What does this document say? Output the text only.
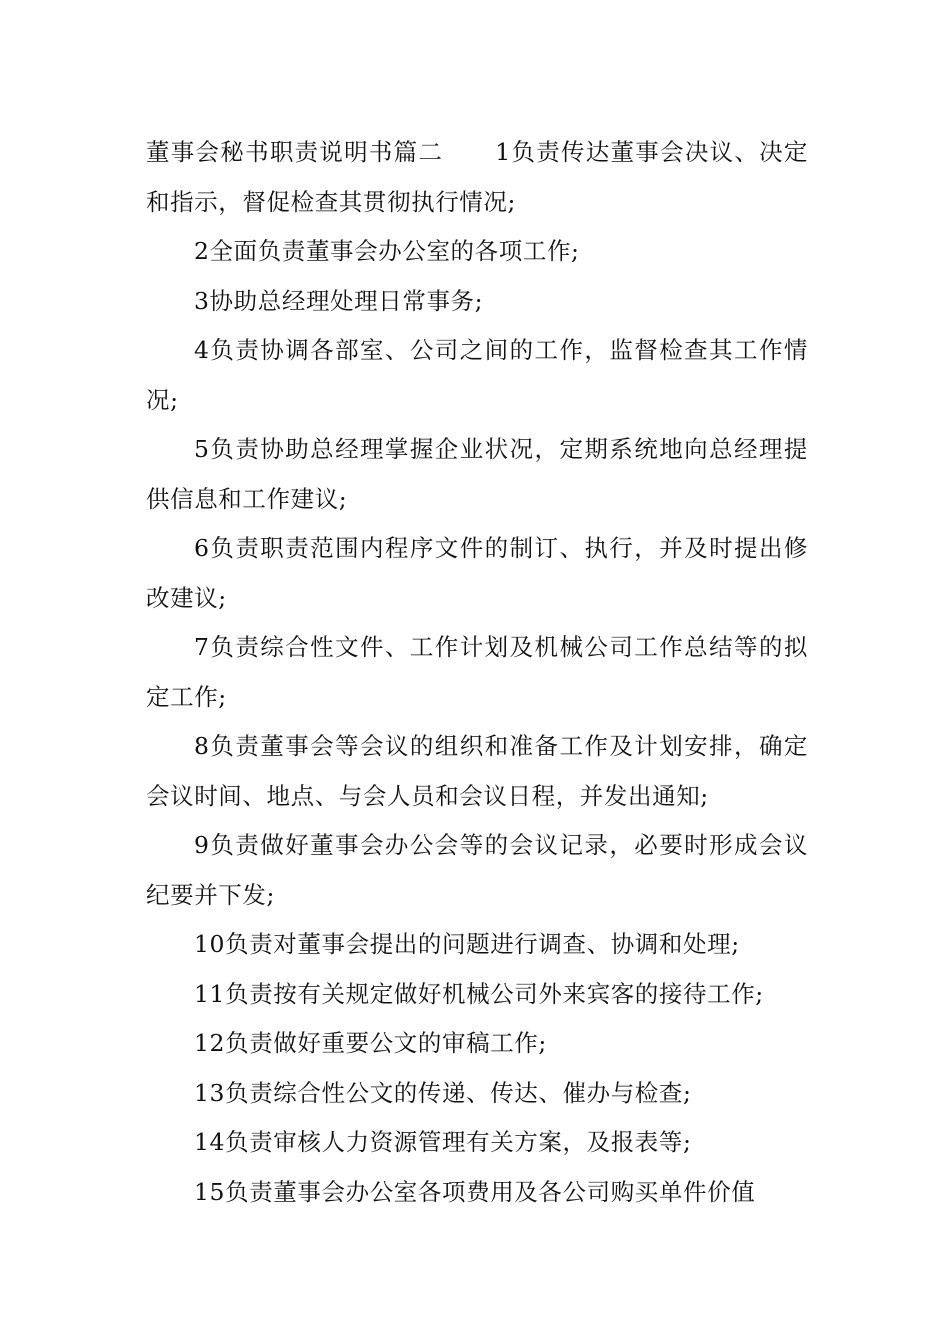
董事会秘书职责说明书篇二 1负责传达董事会决议、决定和指示，督促检查其贯彻执行情况;

2全面负责董事会办公室的各项工作;

3协助总经理处理日常事务;

4负责协调各部室、公司之间的工作，监督检查其工作情况;

5负责协助总经理掌握企业状况，定期系统地向总经理提供信息和工作建议;

6负责职责范围内程序文件的制订、执行，并及时提出修改建议;

7负责综合性文件、工作计划及机械公司工作总结等的拟定工作;

8负责董事会等会议的组织和准备工作及计划安排，确定会议时间、地点、与会人员和会议日程，并发出通知;

9负责做好董事会办公会等的会议记录，必要时形成会议纪要并下发;

10负责对董事会提出的问题进行调查、协调和处理;

11负责按有关规定做好机械公司外来宾客的接待工作;

12负责做好重要公文的审稿工作;

13负责综合性公文的传递、传达、催办与检查;

14负责审核人力资源管理有关方案，及报表等;

15负责董事会办公室各项费用及各公司购买单件价值
